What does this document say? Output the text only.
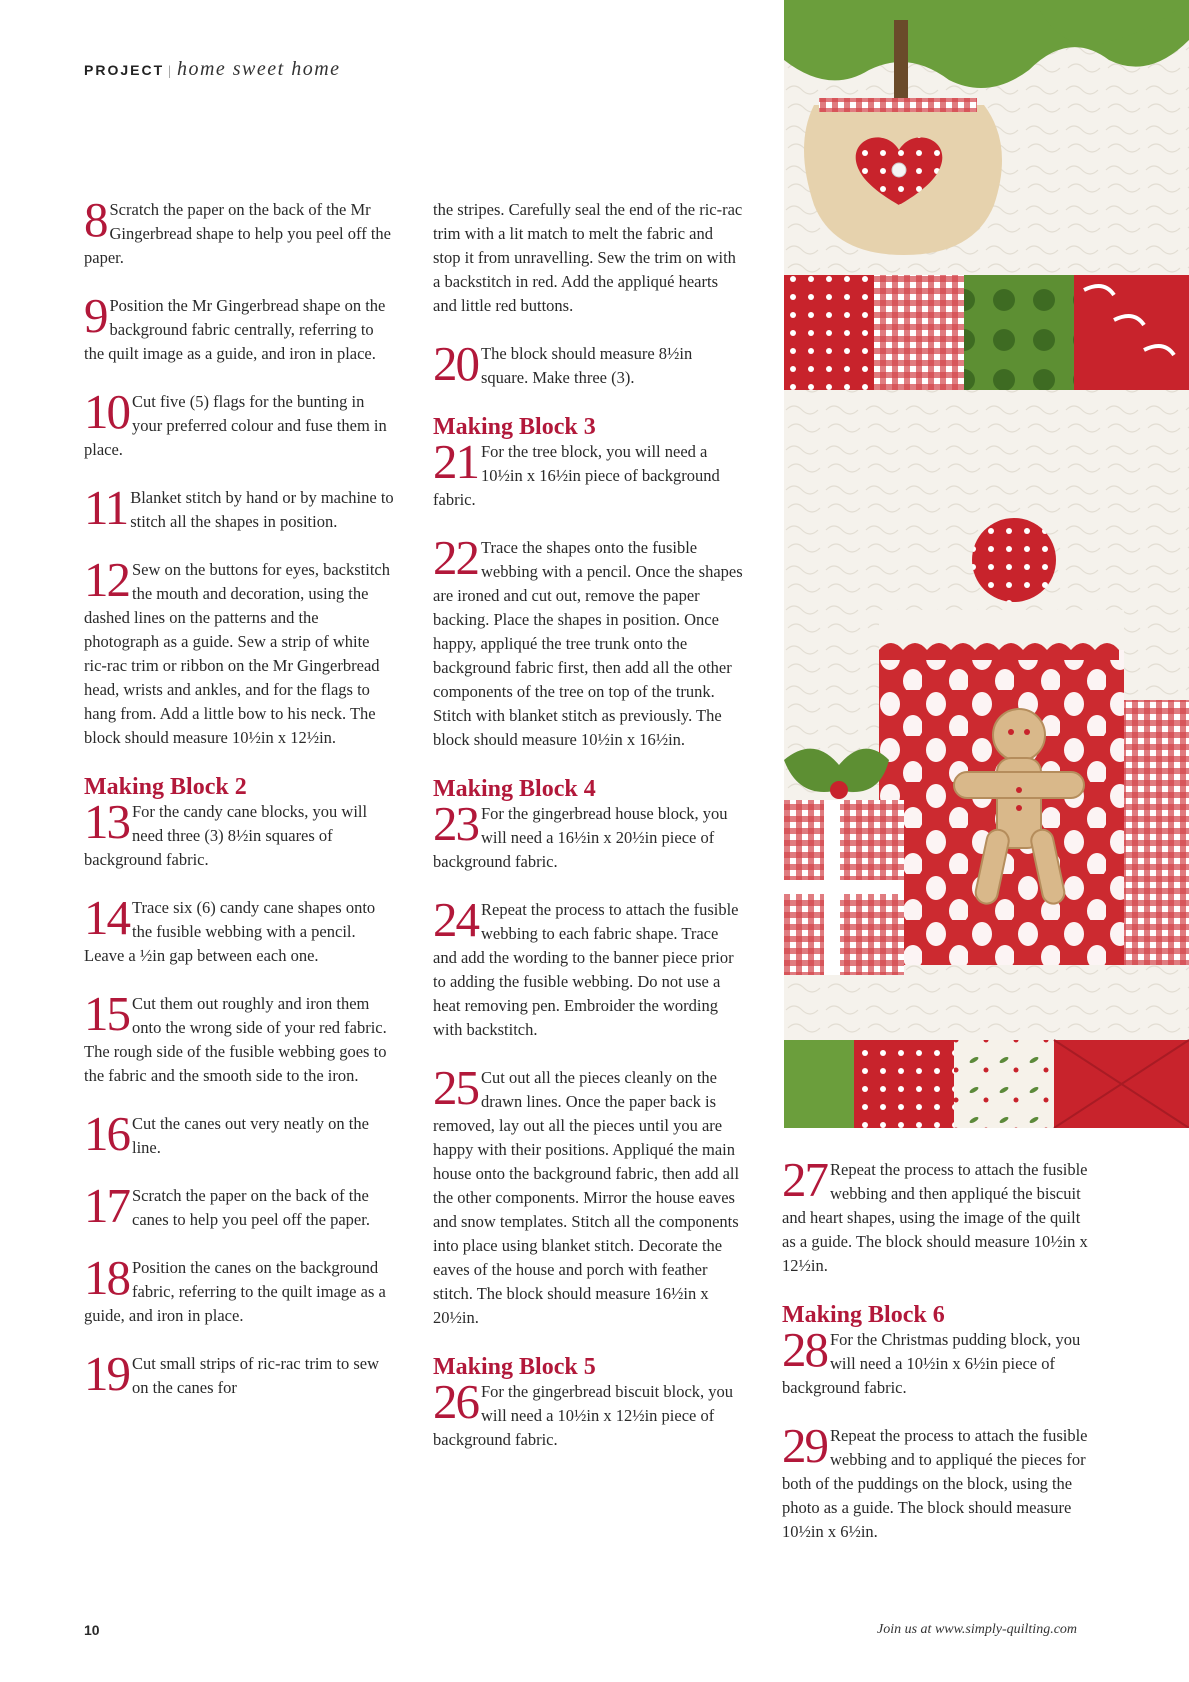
PROJECT | home sweet home
8 Scratch the paper on the back of the Mr Gingerbread shape to help you peel off the paper.
9 Position the Mr Gingerbread shape on the background fabric centrally, referring to the quilt image as a guide, and iron in place.
10 Cut five (5) flags for the bunting in your preferred colour and fuse them in place.
11 Blanket stitch by hand or by machine to stitch all the shapes in position.
12 Sew on the buttons for eyes, backstitch the mouth and decoration, using the dashed lines on the patterns and the photograph as a guide. Sew a strip of white ric-rac trim or ribbon on the Mr Gingerbread head, wrists and ankles, and for the flags to hang from. Add a little bow to his neck. The block should measure 10½in x 12½in.
Making Block 2
13 For the candy cane blocks, you will need three (3) 8½in squares of background fabric.
14 Trace six (6) candy cane shapes onto the fusible webbing with a pencil. Leave a ½in gap between each one.
15 Cut them out roughly and iron them onto the wrong side of your red fabric. The rough side of the fusible webbing goes to the fabric and the smooth side to the iron.
16 Cut the canes out very neatly on the line.
17 Scratch the paper on the back of the canes to help you peel off the paper.
18 Position the canes on the background fabric, referring to the quilt image as a guide, and iron in place.
19 Cut small strips of ric-rac trim to sew on the canes for
the stripes. Carefully seal the end of the ric-rac trim with a lit match to melt the fabric and stop it from unravelling. Sew the trim on with a backstitch in red. Add the appliqué hearts and little red buttons.
20 The block should measure 8½in square. Make three (3).
Making Block 3
21 For the tree block, you will need a 10½in x 16½in piece of background fabric.
22 Trace the shapes onto the fusible webbing with a pencil. Once the shapes are ironed and cut out, remove the paper backing. Place the shapes in position. Once happy, appliqué the tree trunk onto the background fabric first, then add all the other components of the tree on top of the trunk. Stitch with blanket stitch as previously. The block should measure 10½in x 16½in.
Making Block 4
23 For the gingerbread house block, you will need a 16½in x 20½in piece of background fabric.
24 Repeat the process to attach the fusible webbing to each fabric shape. Trace and add the wording to the banner piece prior to adding the fusible webbing. Do not use a heat removing pen. Embroider the wording with backstitch.
25 Cut out all the pieces cleanly on the drawn lines. Once the paper back is removed, lay out all the pieces until you are happy with their positions. Appliqué the main house onto the background fabric, then add all the other components. Mirror the house eaves and snow templates. Stitch all the components into place using blanket stitch. Decorate the eaves of the house and porch with feather stitch. The block should measure 16½in x 20½in.
Making Block 5
26 For the gingerbread biscuit block, you will need a 10½in x 12½in piece of background fabric.
27 Repeat the process to attach the fusible webbing and then appliqué the biscuit and heart shapes, using the image of the quilt as a guide. The block should measure 10½in x 12½in.
Making Block 6
28 For the Christmas pudding block, you will need a 10½in x 6½in piece of background fabric.
29 Repeat the process to attach the fusible webbing and to appliqué the pieces for both of the puddings on the block, using the photo as a guide. The block should measure 10½in x 6½in.
10	Join us at www.simply-quilting.com
